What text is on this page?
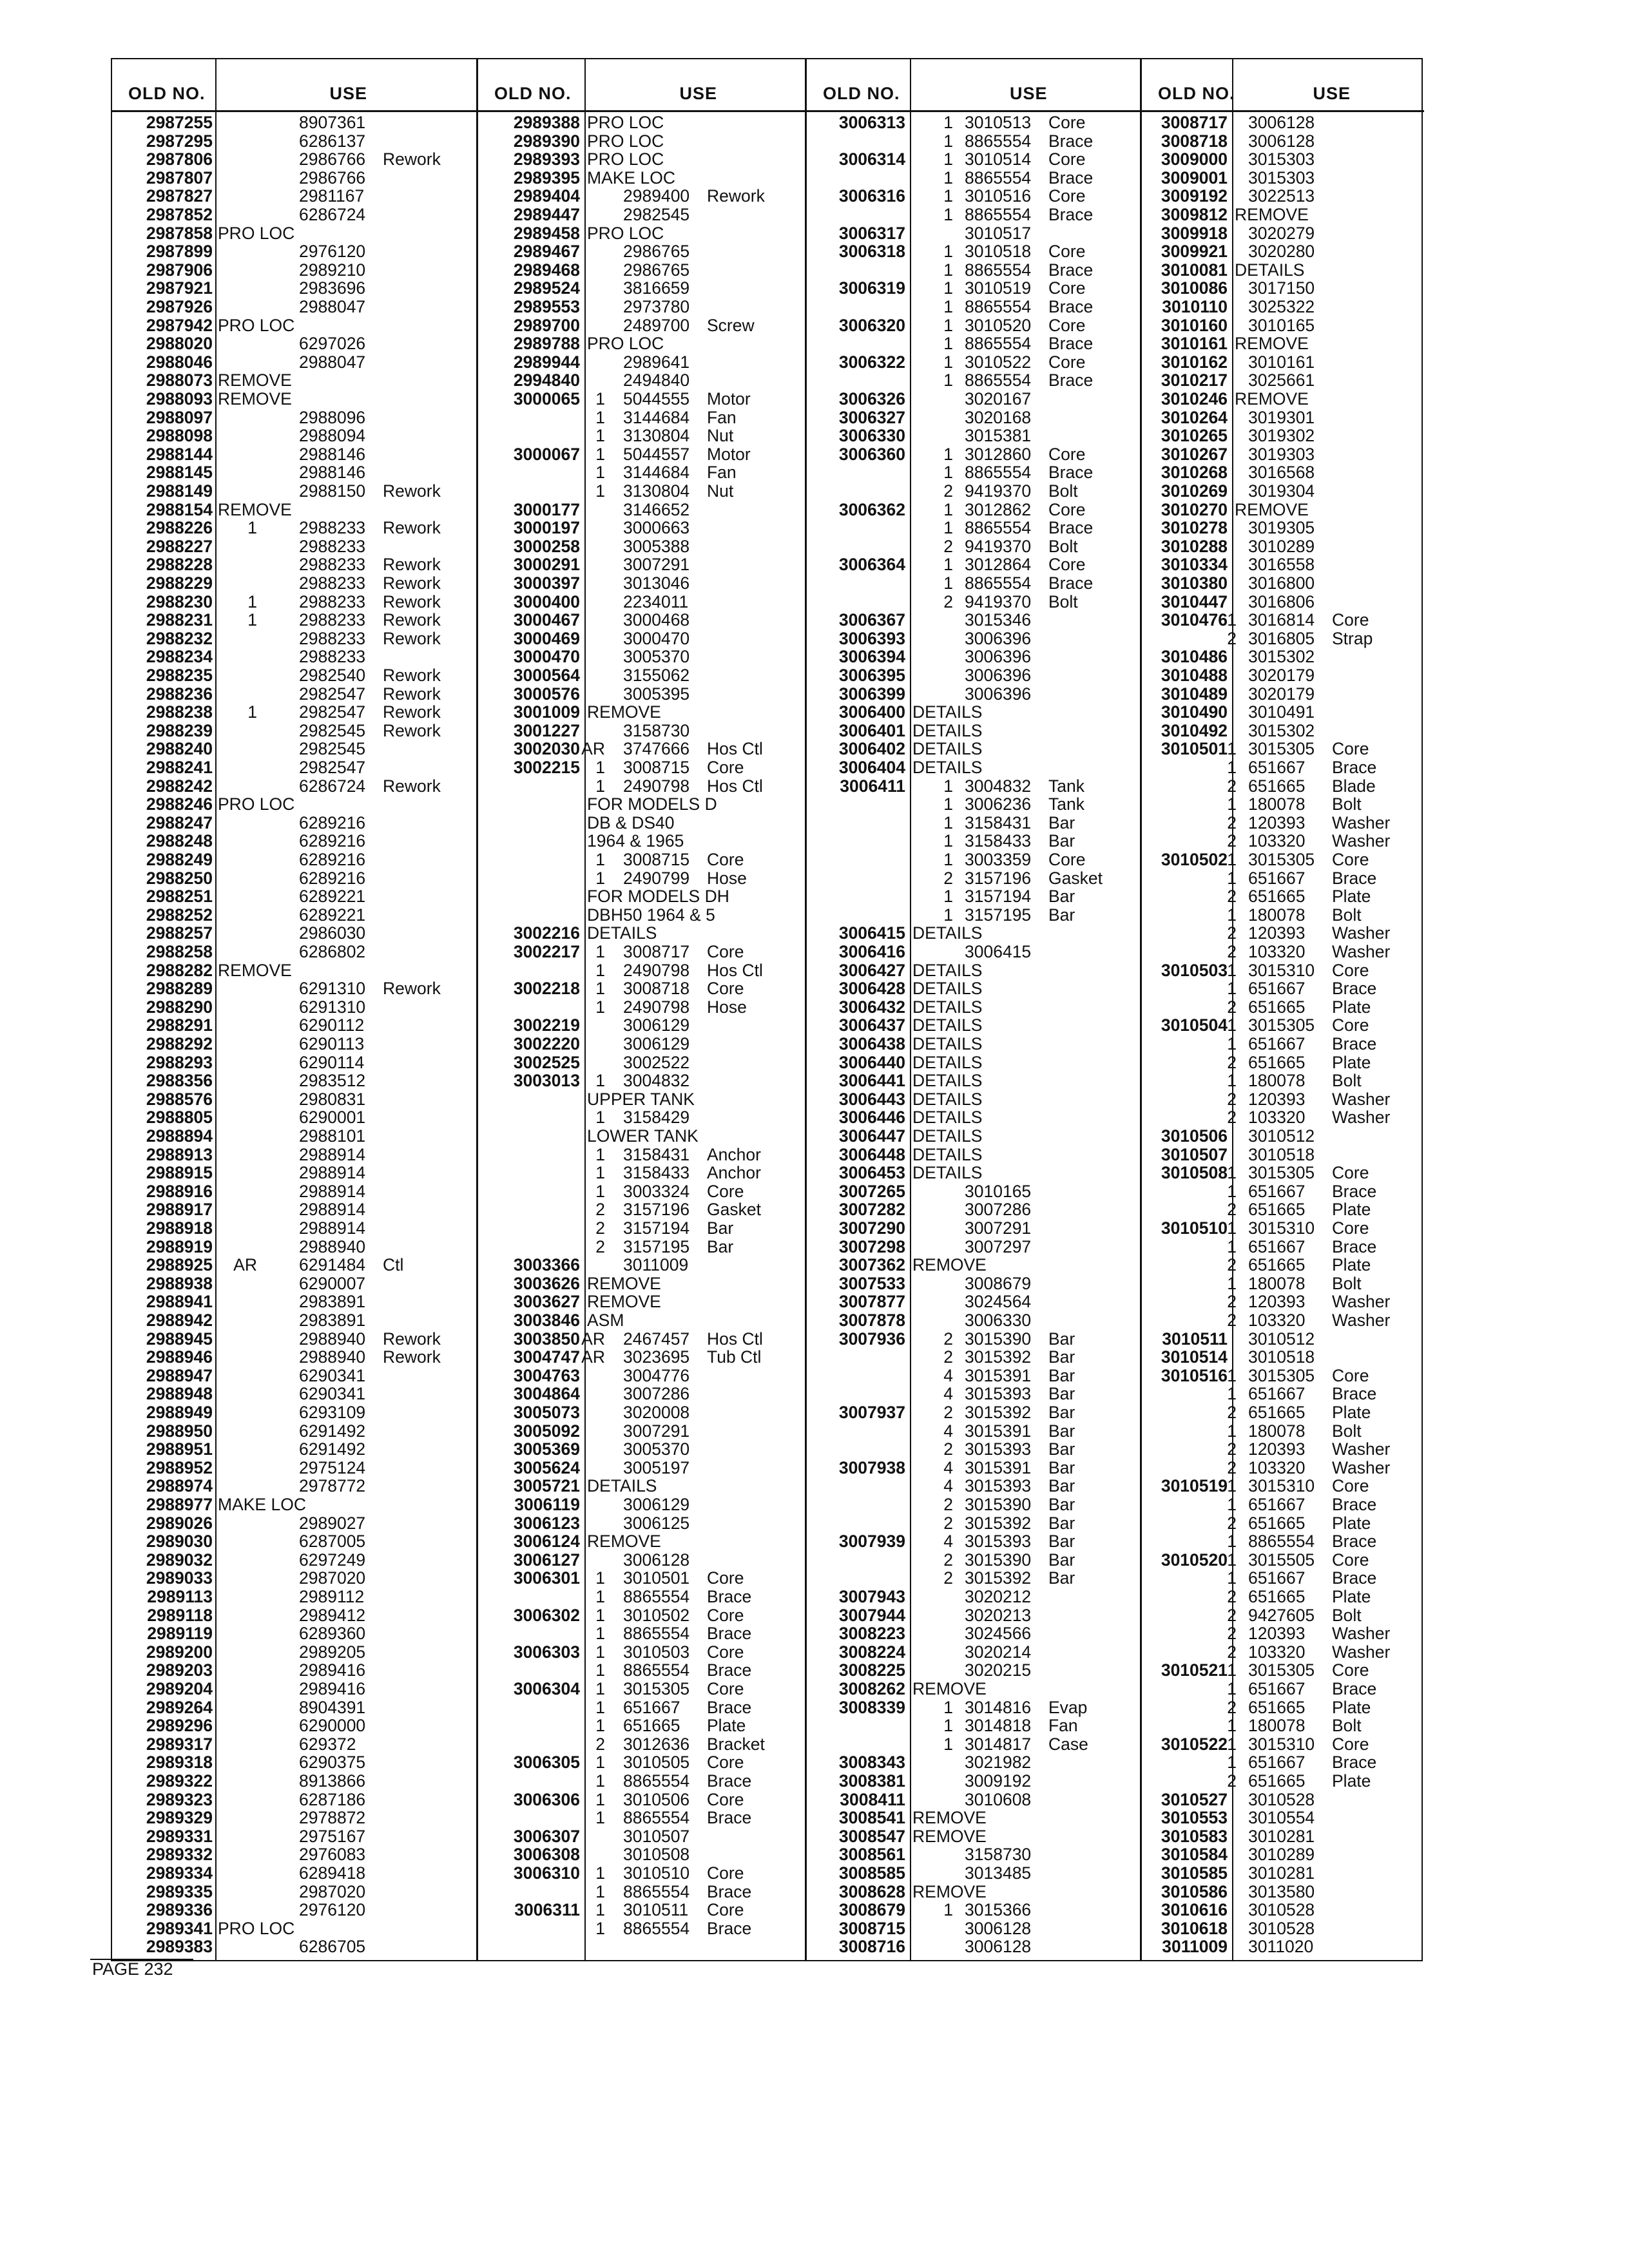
OLD NO.	USE
2987255	8907361
2987295	6286137
2987806	2986766 Rework
2987807	2986766
2987827	2981167
2987852	6286724
2987858 PRO LOC
2987899	2976120
2987906	2989210
2987921	2983696
2987926	2988047
2987942 PRO LOC
2988020	6297026
2988046	2988047
2988073 REMOVE
2988093 REMOVE
2988097	2988096
2988098	2988094
2988144	2988146
2988145	2988146
2988149	2988150 Rework
2988154 REMOVE
2988226 1 2988233 Rework
2988227	2988233
2988228	2988233 Rework
2988229	2988233 Rework
2988230 1 2988233 Rework
2988231 1 2988233 Rework
2988232	2988233 Rework
2988234	2988233
2988235	2982540 Rework
2988236	2982547 Rework
2988238 1 2982547 Rework
2988239	2982545 Rework
2988240	2982545
2988241	2982547
2988242	6286724 Rework
2988246 PRO LOC
2988247	6289216
2988248	6289216
2988249	6289216
2988250	6289216
2988251	6289221
2988252	6289221
2988257	2986030
2988258	6286802
2988282 REMOVE
2988289	6291310 Rework
2988290	6291310
2988291	6290112
2988292	6290113
2988293	6290114
2988356	2983512
2988576	2980831
2988805	6290001
2988894	2988101
2988913	2988914
2988915	2988914
2988916	2988914
2988917	2988914
2988918	2988914
2988919	2988940
2988925 AR 6291484 Ctl
2988938	6290007
2988941	2983891
2988942	2983891
2988945	2988940 Rework
2988946	2988940 Rework
2988947	6290341
2988948	6290341
2988949	6293109
2988950	6291492
2988951	6291492
2988952	2975124
2988974	2978772
2988977 MAKE LOC
2989026	2989027
2989030	6287005
2989032	6297249
2989033	2987020
2989113	2989112
2989118	2989412
2989119	6289360
2989200	2989205
2989203	2989416
2989204	2989416
2989264	8904391
2989296	6290000
2989317	629372
2989318	6290375
2989322	8913866
2989323	6287186
2989329	2978872
2989331	2975167
2989332	2976083
2989334	6289418
2989335	2987020
2989336	2976120
2989341 PRO LOC
2989383	6286705
OLD NO.	USE
2989388 PRO LOC
2989390 PRO LOC
2989393 PRO LOC
2989395 MAKE LOC
2989404	2989400 Rework
2989447	2982545
2989458 PRO LOC
2989467	2986765
2989468	2986765
2989524	3816659
2989553	2973780
2989700	2489700 Screw
2989788 PRO LOC
2989944	2989641
2994840	2494840
3000065 1 5044555 Motor
1 3144684 Fan
1 3130804 Nut
3000067 1 5044557 Motor
1 3144684 Fan
1 3130804 Nut
3000177	3146652
3000197	3000663
3000258	3005388
3000291	3007291
3000397	3013046
3000400	2234011
3000467	3000468
3000469	3000470
3000470	3005370
3000564	3155062
3000576	3005395
3001009 REMOVE
3001227	3158730
3002030 AR 3747666 Hos Ctl
3002215 1 3008715 Core
1 2490798 Hos Ctl
FOR MODELS D
DB & DS40
1964 & 1965
1 3008715 Core
1 2490799 Hose
FOR MODELS DH
DBH50 1964 & 5
3002216 DETAILS
3002217 1 3008717 Core
1 2490798 Hos Ctl
3002218 1 3008718 Core
1 2490798 Hose
3002219	3006129
3002220	3006129
3002525	3002522
3003013 1 3004832
UPPER TANK
1 3158429
LOWER TANK
1 3158431 Anchor
1 3158433 Anchor
1 3003324 Core
2 3157196 Gasket
2 3157194 Bar
2 3157195 Bar
3003366	3011009
3003626 REMOVE
3003627 REMOVE
3003846 ASM
3003850 AR 2467457 Hos Ctl
3004747 AR 3023695 Tub Ctl
3004763	3004776
3004864	3007286
3005073	3020008
3005092	3007291
3005369	3005370
3005624	3005197
3005721 DETAILS
3006119	3006129
3006123	3006125
3006124 REMOVE
3006127	3006128
3006301 1 3010501 Core
1 8865554 Brace
3006302 1 3010502 Core
1 8865554 Brace
3006303 1 3010503 Core
1 8865554 Brace
3006304 1 3015305 Core
1 651667 Brace
1 651665 Plate
2 3012636 Bracket
3006305 1 3010505 Core
1 8865554 Brace
3006306 1 3010506 Core
1 8865554 Brace
3006307	3010507
3006308	3010508
3006310 1 3010510 Core
1 8865554 Brace
3006311 1 3010511 Core
1 8865554 Brace
OLD NO.	USE
3006313 1 3010513 Core
1 8865554 Brace
3006314 1 3010514 Core
1 8865554 Brace
3006316 1 3010516 Core
1 8865554 Brace
3006317	3010517
3006318 1 3010518 Core
1 8865554 Brace
3006319 1 3010519 Core
1 8865554 Brace
3006320 1 3010520 Core
1 8865554 Brace
3006322 1 3010522 Core
1 8865554 Brace
3006326	3020167
3006327	3020168
3006330	3015381
3006360 1 3012860 Core
1 8865554 Brace
2 9419370 Bolt
3006362 1 3012862 Core
1 8865554 Brace
2 9419370 Bolt
3006364 1 3012864 Core
1 8865554 Brace
2 9419370 Bolt
3006367	3015346
3006393	3006396
3006394	3006396
3006395	3006396
3006399	3006396
3006400 DETAILS
3006401 DETAILS
3006402 DETAILS
3006404 DETAILS
3006411 1 3004832 Tank
1 3006236 Tank
1 3158431 Bar
1 3158433 Bar
1 3003359 Core
2 3157196 Gasket
1 3157194 Bar
1 3157195 Bar
3006415 DETAILS
3006416	3006415
3006427 DETAILS
3006428 DETAILS
3006432 DETAILS
3006437 DETAILS
3006438 DETAILS
3006440 DETAILS
3006441 DETAILS
3006443 DETAILS
3006446 DETAILS
3006447 DETAILS
3006448 DETAILS
3006453 DETAILS
3007265	3010165
3007282	3007286
3007290	3007291
3007298	3007297
3007362 REMOVE
3007533	3008679
3007877	3024564
3007878	3006330
3007936 2 3015390 Bar
2 3015392 Bar
4 3015391 Bar
4 3015393 Bar
3007937 2 3015392 Bar
4 3015391 Bar
2 3015393 Bar
3007938 4 3015391 Bar
4 3015393 Bar
2 3015390 Bar
2 3015392 Bar
3007939 4 3015393 Bar
2 3015390 Bar
2 3015392 Bar
3007943	3020212
3007944	3020213
3008223	3024566
3008224	3020214
3008225	3020215
3008262 REMOVE
3008339 1 3014816 Evap
1 3014818 Fan
1 3014817 Case
3008343	3021982
3008381	3009192
3008411	3010608
3008541 REMOVE
3008547 REMOVE
3008561	3158730
3008585	3013485
3008628 REMOVE
3008679 1 3015366
3008715	3006128
3008716	3006128
OLD NO.	USE
3008717 3006128
3008718 3006128
3009000 3015303
3009001 3015303
3009192 3022513
3009812 REMOVE
3009918 3020279
3009921 3020280
3010081 DETAILS
3010086 3017150
3010110 3025322
3010160 3010165
3010161 REMOVE
3010162 3010161
3010217 3025661
3010246 REMOVE
3010264 3019301
3010265 3019302
3010267 3019303
3010268 3016568
3010269 3019304
3010270 REMOVE
3010278 3019305
3010288 3010289
3010334 3016558
3010380 3016800
3010447 3016806
3010476 1 3016814 Core
2 3016805 Strap
3010486 3015302
3010488 3020179
3010489 3020179
3010490 3010491
3010492 3015302
3010501 1 3015305 Core
1 651667 Brace
2 651665 Blade
1 180078 Bolt
2 120393 Washer
2 103320 Washer
3010502 1 3015305 Core
1 651667 Brace
2 651665 Plate
1 180078 Bolt
2 120393 Washer
2 103320 Washer
3010503 1 3015310 Core
1 651667 Brace
2 651665 Plate
3010504 1 3015305 Core
1 651667 Brace
2 651665 Plate
1 180078 Bolt
2 120393 Washer
2 103320 Washer
3010506 3010512
3010507 3010518
3010508 1 3015305 Core
1 651667 Brace
2 651665 Plate
3010510 1 3015310 Core
1 651667 Brace
2 651665 Plate
1 180078 Bolt
2 120393 Washer
2 103320 Washer
3010511 3010512
3010514 3010518
3010516 1 3015305 Core
1 651667 Brace
2 651665 Plate
1 180078 Bolt
2 120393 Washer
2 103320 Washer
3010519 1 3015310 Core
1 651667 Brace
2 651665 Plate
1 8865554 Brace
3010520 1 3015505 Core
1 651667 Brace
2 651665 Plate
2 9427605 Bolt
2 120393 Washer
2 103320 Washer
3010521 1 3015305 Core
1 651667 Brace
2 651665 Plate
1 180078 Bolt
3010522 1 3015310 Core
1 651667 Brace
2 651665 Plate
3010527 3010528
3010553 3010554
3010583 3010281
3010584 3010289
3010585 3010281
3010586 3013580
3010616 3010528
3010618 3010528
3011009 3011020
PAGE 232
